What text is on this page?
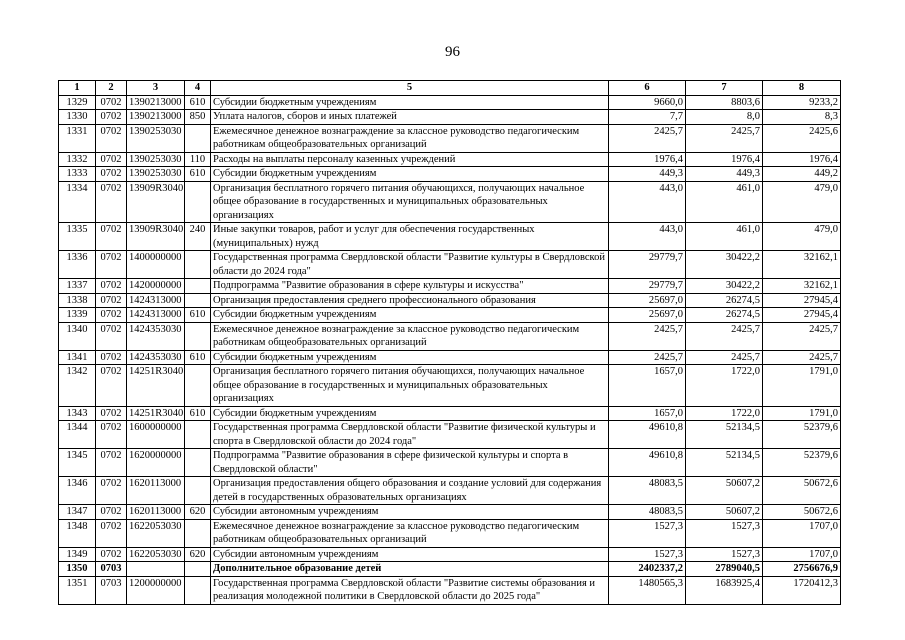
96
1	2	3	4	5	6	7	8
1329	0702	1390213000	610	Субсидии бюджетным учреждениям	9660,0	8803,6	9233,2
1330	0702	1390213000	850	Уплата налогов, сборов и иных платежей	7,7	8,0	8,3
1331	0702	1390253030		Ежемесячное денежное вознаграждение за классное руководство педагогическим работникам общеобразовательных организаций	2425,7	2425,7	2425,6
1332	0702	1390253030	110	Расходы на выплаты персоналу казенных учреждений	1976,4	1976,4	1976,4
1333	0702	1390253030	610	Субсидии бюджетным учреждениям	449,3	449,3	449,2
1334	0702	13909R3040		Организация бесплатного горячего питания обучающихся, получающих начальное общее образование в государственных и муниципальных образовательных организациях	443,0	461,0	479,0
1335	0702	13909R3040	240	Иные закупки товаров, работ и услуг для обеспечения государственных (муниципальных) нужд	443,0	461,0	479,0
1336	0702	1400000000		Государственная программа Свердловской области "Развитие культуры в Свердловской области до 2024 года"	29779,7	30422,2	32162,1
1337	0702	1420000000		Подпрограмма "Развитие образования в сфере культуры и искусства"	29779,7	30422,2	32162,1
1338	0702	1424313000		Организация предоставления среднего профессионального образования	25697,0	26274,5	27945,4
1339	0702	1424313000	610	Субсидии бюджетным учреждениям	25697,0	26274,5	27945,4
1340	0702	1424353030		Ежемесячное денежное вознаграждение за классное руководство педагогическим работникам общеобразовательных организаций	2425,7	2425,7	2425,7
1341	0702	1424353030	610	Субсидии бюджетным учреждениям	2425,7	2425,7	2425,7
1342	0702	14251R3040		Организация бесплатного горячего питания обучающихся, получающих начальное общее образование в государственных и муниципальных образовательных организациях	1657,0	1722,0	1791,0
1343	0702	14251R3040	610	Субсидии бюджетным учреждениям	1657,0	1722,0	1791,0
1344	0702	1600000000		Государственная программа Свердловской области "Развитие физической культуры и спорта в Свердловской области до 2024 года"	49610,8	52134,5	52379,6
1345	0702	1620000000		Подпрограмма "Развитие образования в сфере физической культуры и спорта в Свердловской области"	49610,8	52134,5	52379,6
1346	0702	1620113000		Организация предоставления общего образования и создание условий для содержания детей в государственных образовательных организациях	48083,5	50607,2	50672,6
1347	0702	1620113000	620	Субсидии автономным учреждениям	48083,5	50607,2	50672,6
1348	0702	1622053030		Ежемесячное денежное вознаграждение за классное руководство педагогическим работникам общеобразовательных организаций	1527,3	1527,3	1707,0
1349	0702	1622053030	620	Субсидии автономным учреждениям	1527,3	1527,3	1707,0
1350	0703			Дополнительное образование детей	2402337,2	2789040,5	2756676,9
1351	0703	1200000000		Государственная программа Свердловской области "Развитие системы образования и реализация молодежной политики в Свердловской области до 2025 года"	1480565,3	1683925,4	1720412,3
